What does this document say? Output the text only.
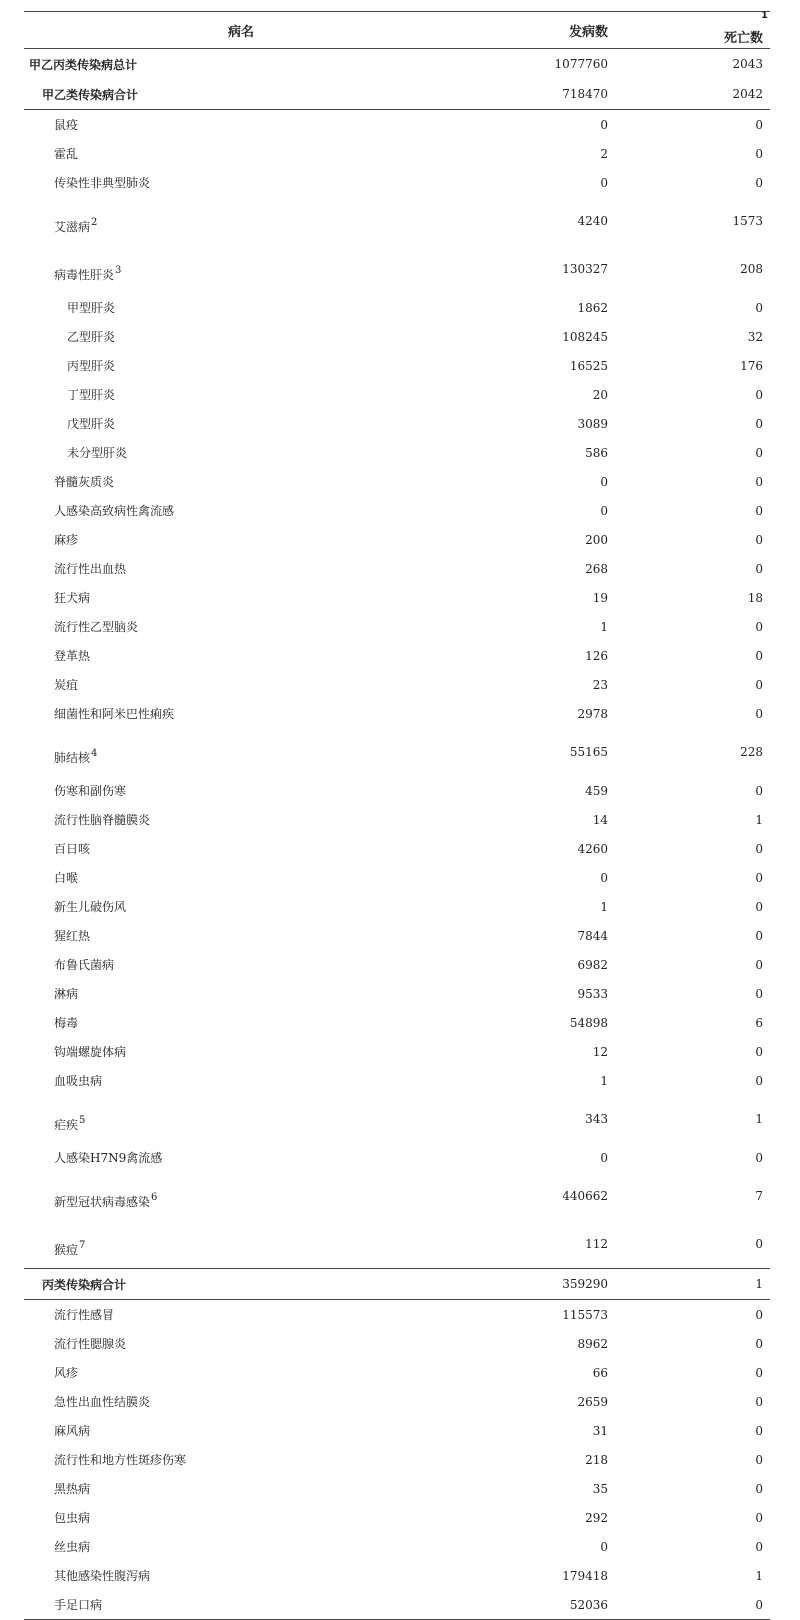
病名	发病数	死亡数
1

甲乙丙类传染病总计	1077760	2043
甲乙类传染病合计	718470	2042
鼠疫	0	0
霍乱	2	0
传染性非典型肺炎	0	0
艾滋病$^2$	4240	1573
病毒性肝炎$^3$	130327	208
甲型肝炎	1862	0
乙型肝炎	108245	32
丙型肝炎	16525	176
丁型肝炎	20	0
戊型肝炎	3089	0
未分型肝炎	586	0
脊髓灰质炎	0	0
人感染高致病性禽流感	0	0
麻疹	200	0
流行性出血热	268	0
狂犬病	19	18
流行性乙型脑炎	1	0
登革热	126	0
炭疽	23	0
细菌性和阿米巴性痢疾	2978	0
肺结核$^4$	55165	228
伤寒和副伤寒	459	0
流行性脑脊髓膜炎	14	1
百日咳	4260	0
白喉	0	0
新生儿破伤风	1	0
猩红热	7844	0
布鲁氏菌病	6982	0
淋病	9533	0
梅毒	54898	6
钩端螺旋体病	12	0
血吸虫病	1	0
疟疾$^5$	343	1
人感染H7N9禽流感	0	0
新型冠状病毒感染$^6$	440662	7
猴痘$^7$	112	0
丙类传染病合计	359290	1
流行性感冒	115573	0
流行性腮腺炎	8962	0
风疹	66	0
急性出血性结膜炎	2659	0
麻风病	31	0
流行性和地方性斑疹伤寒	218	0
黑热病	35	0
包虫病	292	0
丝虫病	0	0
其他感染性腹泻病	179418	1
手足口病	52036	0
